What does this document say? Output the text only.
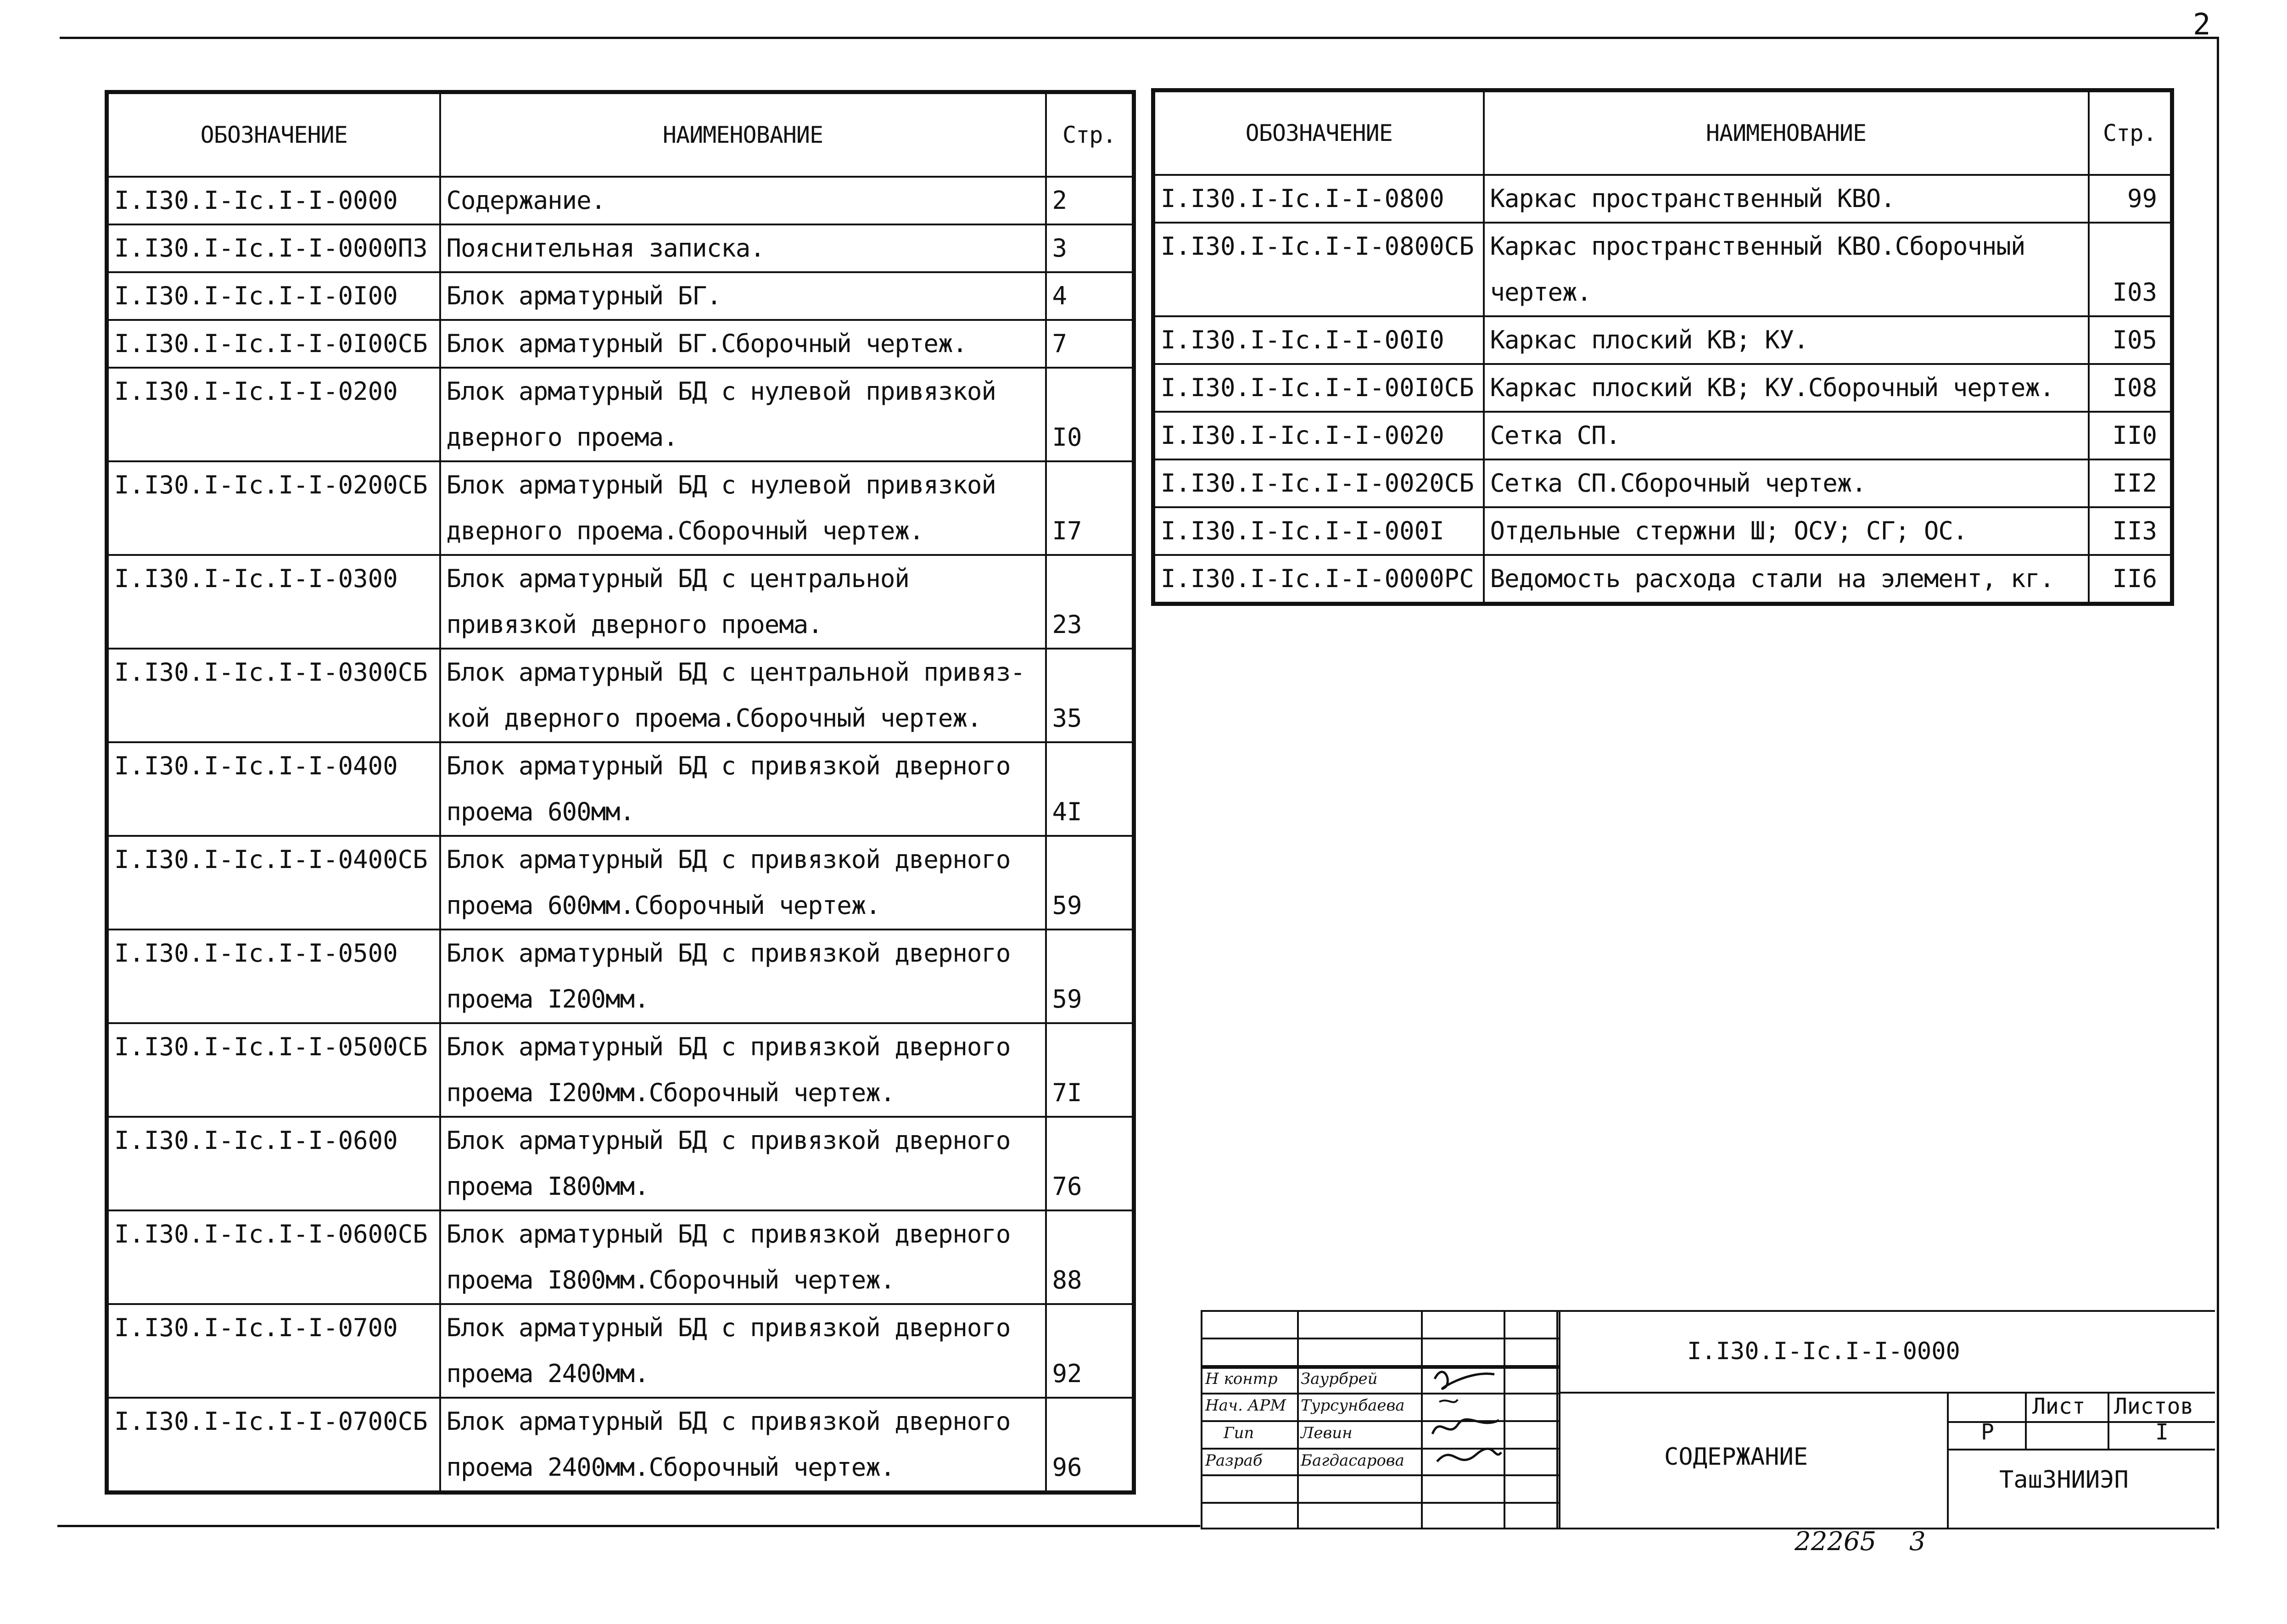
2
ОБОЗНАЧЕНИЕ	НАИМЕНОВАНИЕ	Стр.
I.I30.I-Ic.I-I-0000	Содержание.	2
I.I30.I-Ic.I-I-0000ПЗ	Пояснительная записка.	3
I.I30.I-Ic.I-I-0I00	Блок арматурный БГ.	4
I.I30.I-Ic.I-I-0I00СБ	Блок арматурный БГ.Сборочный чертеж.	7
I.I30.I-Ic.I-I-0200	Блок арматурный БД с нулевой привязкой дверного проема.	I0
I.I30.I-Ic.I-I-0200СБ	Блок арматурный БД с нулевой привязкой дверного проема.Сборочный чертеж.	I7
I.I30.I-Ic.I-I-0300	Блок арматурный БД с центральной привязкой дверного проема.	23
I.I30.I-Ic.I-I-0300СБ	Блок арматурный БД с центральной привяз-кой дверного проема.Сборочный чертеж.	35
I.I30.I-Ic.I-I-0400	Блок арматурный БД с привязкой дверного проема 600мм.	4I
I.I30.I-Ic.I-I-0400СБ	Блок арматурный БД с привязкой дверного проема 600мм.Сборочный чертеж.	59
I.I30.I-Ic.I-I-0500	Блок арматурный БД с привязкой дверного проема I200мм.	59
I.I30.I-Ic.I-I-0500СБ	Блок арматурный БД с привязкой дверного проема I200мм.Сборочный чертеж.	7I
I.I30.I-Ic.I-I-0600	Блок арматурный БД с привязкой дверного проема I800мм.	76
I.I30.I-Ic.I-I-0600СБ	Блок арматурный БД с привязкой дверного проема I800мм.Сборочный чертеж.	88
I.I30.I-Ic.I-I-0700	Блок арматурный БД с привязкой дверного проема 2400мм.	92
I.I30.I-Ic.I-I-0700СБ	Блок арматурный БД с привязкой дверного проема 2400мм.Сборочный чертеж.	96
ОБОЗНАЧЕНИЕ	НАИМЕНОВАНИЕ	Стр.
I.I30.I-Ic.I-I-0800	Каркас пространственный КВО.	99
I.I30.I-Ic.I-I-0800СБ	Каркас пространственный КВО.Сборочный чертеж.	I03
I.I30.I-Ic.I-I-00I0	Каркас плоский КВ; КУ.	I05
I.I30.I-Ic.I-I-00I0СБ	Каркас плоский КВ; КУ.Сборочный чертеж.	I08
I.I30.I-Ic.I-I-0020	Сетка СП.	II0
I.I30.I-Ic.I-I-0020СБ	Сетка СП.Сборочный чертеж.	II2
I.I30.I-Ic.I-I-000I	Отдельные стержни Ш; ОСУ; СГ; ОС.	II3
I.I30.I-Ic.I-I-0000РС	Ведомость расхода стали на элемент, кг.	II6
Н контр Заурбрей
Нач. АРМ Турсунбаева
Гип	Левин
Разраб Багдасарова
I.I30.I-Ic.I-I-0000
СОДЕРЖАНИЕ
Лист Листов
Р	I
ТашЗНИИЭП
22265 3
